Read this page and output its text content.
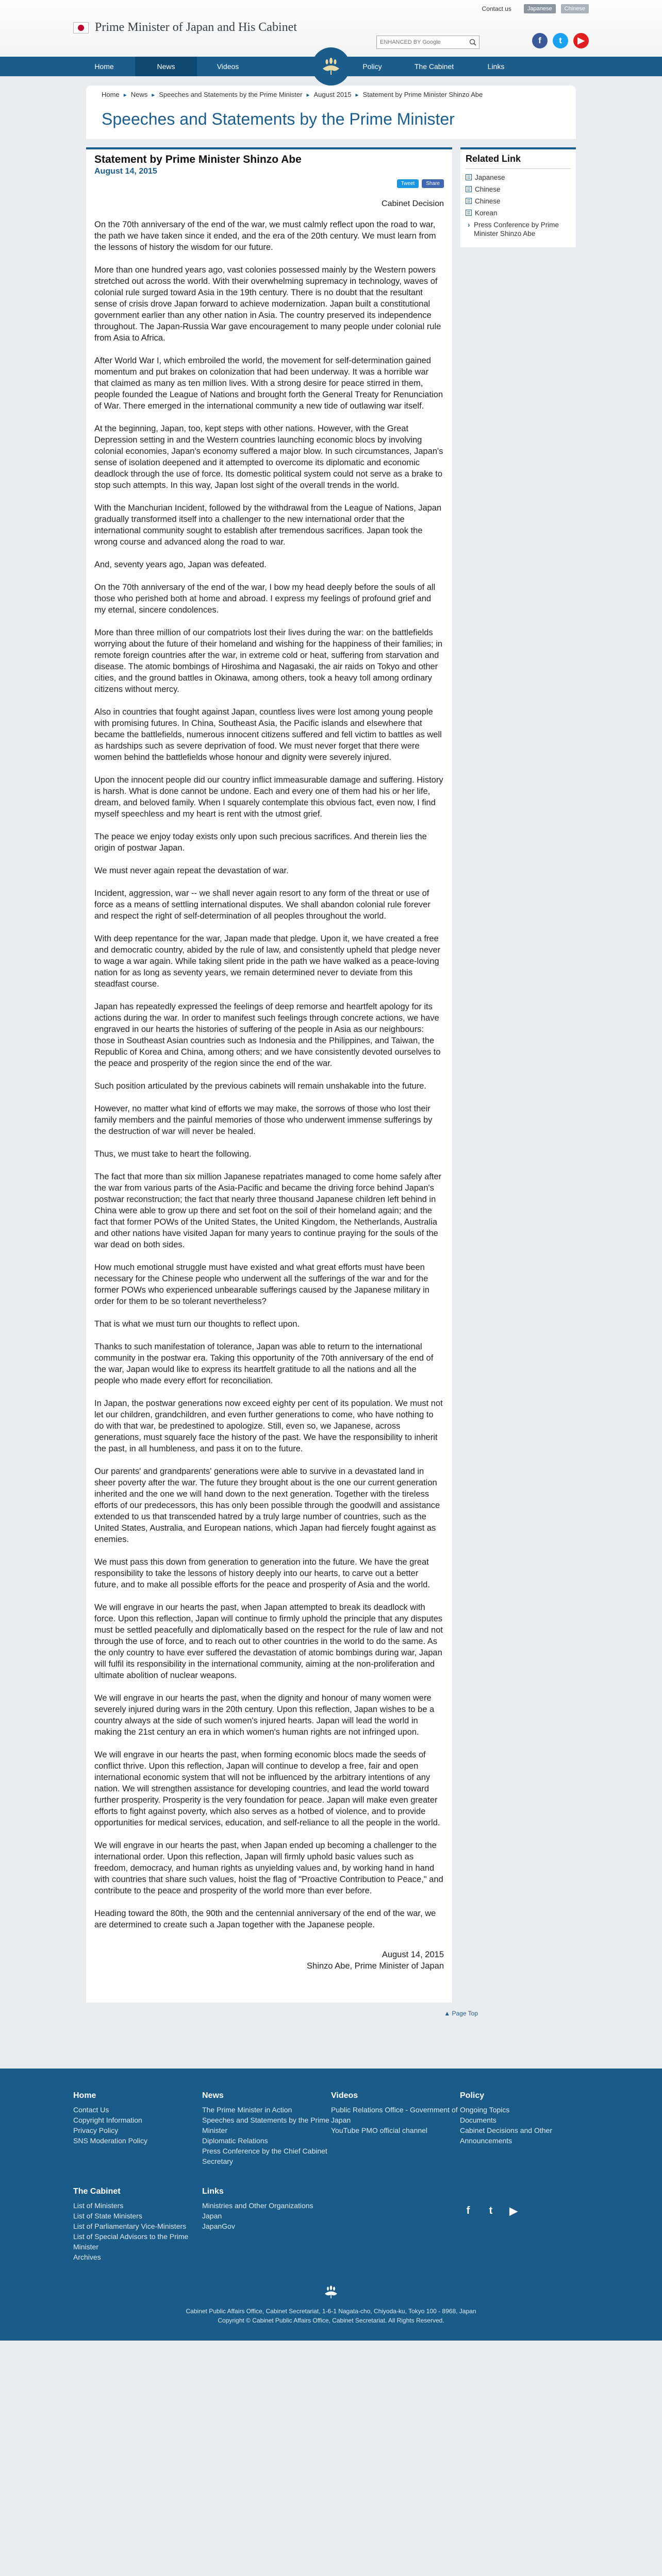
Contact us	Japanese	Chinese
Prime Minister of Japan and His Cabinet
ENHANCED BY Google
f	t	▶
Home	News	Videos	Policy	The Cabinet	Links
Home ▸ News ▸ Speeches and Statements by the Prime Minister ▸ August 2015 ▸ Statement by Prime Minister Shinzo Abe
Speeches and Statements by the Prime Minister
Statement by Prime Minister Shinzo Abe
August 14, 2015
Tweet	Share
Cabinet Decision

On the 70th anniversary of the end of the war, we must calmly reflect upon the road to war, the path we have taken since it ended, and the era of the 20th century. We must learn from the lessons of history the wisdom for our future.

More than one hundred years ago, vast colonies possessed mainly by the Western powers stretched out across the world. With their overwhelming supremacy in technology, waves of colonial rule surged toward Asia in the 19th century. There is no doubt that the resultant sense of crisis drove Japan forward to achieve modernization. Japan built a constitutional government earlier than any other nation in Asia. The country preserved its independence throughout. The Japan-Russia War gave encouragement to many people under colonial rule from Asia to Africa.

After World War I, which embroiled the world, the movement for self-determination gained momentum and put brakes on colonization that had been underway. It was a horrible war that claimed as many as ten million lives. With a strong desire for peace stirred in them, people founded the League of Nations and brought forth the General Treaty for Renunciation of War. There emerged in the international community a new tide of outlawing war itself.

At the beginning, Japan, too, kept steps with other nations. However, with the Great Depression setting in and the Western countries launching economic blocs by involving colonial economies, Japan's economy suffered a major blow. In such circumstances, Japan's sense of isolation deepened and it attempted to overcome its diplomatic and economic deadlock through the use of force. Its domestic political system could not serve as a brake to stop such attempts. In this way, Japan lost sight of the overall trends in the world.

With the Manchurian Incident, followed by the withdrawal from the League of Nations, Japan gradually transformed itself into a challenger to the new international order that the international community sought to establish after tremendous sacrifices. Japan took the wrong course and advanced along the road to war.

And, seventy years ago, Japan was defeated.

On the 70th anniversary of the end of the war, I bow my head deeply before the souls of all those who perished both at home and abroad. I express my feelings of profound grief and my eternal, sincere condolences.

More than three million of our compatriots lost their lives during the war: on the battlefields worrying about the future of their homeland and wishing for the happiness of their families; in remote foreign countries after the war, in extreme cold or heat, suffering from starvation and disease. The atomic bombings of Hiroshima and Nagasaki, the air raids on Tokyo and other cities, and the ground battles in Okinawa, among others, took a heavy toll among ordinary citizens without mercy.

Also in countries that fought against Japan, countless lives were lost among young people with promising futures. In China, Southeast Asia, the Pacific islands and elsewhere that became the battlefields, numerous innocent citizens suffered and fell victim to battles as well as hardships such as severe deprivation of food. We must never forget that there were women behind the battlefields whose honour and dignity were severely injured.

Upon the innocent people did our country inflict immeasurable damage and suffering. History is harsh. What is done cannot be undone. Each and every one of them had his or her life, dream, and beloved family. When I squarely contemplate this obvious fact, even now, I find myself speechless and my heart is rent with the utmost grief.

The peace we enjoy today exists only upon such precious sacrifices. And therein lies the origin of postwar Japan.

We must never again repeat the devastation of war.

Incident, aggression, war -- we shall never again resort to any form of the threat or use of force as a means of settling international disputes. We shall abandon colonial rule forever and respect the right of self-determination of all peoples throughout the world.

With deep repentance for the war, Japan made that pledge. Upon it, we have created a free and democratic country, abided by the rule of law, and consistently upheld that pledge never to wage a war again. While taking silent pride in the path we have walked as a peace-loving nation for as long as seventy years, we remain determined never to deviate from this steadfast course.

Japan has repeatedly expressed the feelings of deep remorse and heartfelt apology for its actions during the war. In order to manifest such feelings through concrete actions, we have engraved in our hearts the histories of suffering of the people in Asia as our neighbours: those in Southeast Asian countries such as Indonesia and the Philippines, and Taiwan, the Republic of Korea and China, among others; and we have consistently devoted ourselves to the peace and prosperity of the region since the end of the war.

Such position articulated by the previous cabinets will remain unshakable into the future.

However, no matter what kind of efforts we may make, the sorrows of those who lost their family members and the painful memories of those who underwent immense sufferings by the destruction of war will never be healed.

Thus, we must take to heart the following.

The fact that more than six million Japanese repatriates managed to come home safely after the war from various parts of the Asia-Pacific and became the driving force behind Japan's postwar reconstruction; the fact that nearly three thousand Japanese children left behind in China were able to grow up there and set foot on the soil of their homeland again; and the fact that former POWs of the United States, the United Kingdom, the Netherlands, Australia and other nations have visited Japan for many years to continue praying for the souls of the war dead on both sides.

How much emotional struggle must have existed and what great efforts must have been necessary for the Chinese people who underwent all the sufferings of the war and for the former POWs who experienced unbearable sufferings caused by the Japanese military in order for them to be so tolerant nevertheless?

That is what we must turn our thoughts to reflect upon.

Thanks to such manifestation of tolerance, Japan was able to return to the international community in the postwar era. Taking this opportunity of the 70th anniversary of the end of the war, Japan would like to express its heartfelt gratitude to all the nations and all the people who made every effort for reconciliation.

In Japan, the postwar generations now exceed eighty per cent of its population. We must not let our children, grandchildren, and even further generations to come, who have nothing to do with that war, be predestined to apologize. Still, even so, we Japanese, across generations, must squarely face the history of the past. We have the responsibility to inherit the past, in all humbleness, and pass it on to the future.

Our parents' and grandparents' generations were able to survive in a devastated land in sheer poverty after the war. The future they brought about is the one our current generation inherited and the one we will hand down to the next generation. Together with the tireless efforts of our predecessors, this has only been possible through the goodwill and assistance extended to us that transcended hatred by a truly large number of countries, such as the United States, Australia, and European nations, which Japan had fiercely fought against as enemies.

We must pass this down from generation to generation into the future. We have the great responsibility to take the lessons of history deeply into our hearts, to carve out a better future, and to make all possible efforts for the peace and prosperity of Asia and the world.

We will engrave in our hearts the past, when Japan attempted to break its deadlock with force. Upon this reflection, Japan will continue to firmly uphold the principle that any disputes must be settled peacefully and diplomatically based on the respect for the rule of law and not through the use of force, and to reach out to other countries in the world to do the same. As the only country to have ever suffered the devastation of atomic bombings during war, Japan will fulfil its responsibility in the international community, aiming at the non-proliferation and ultimate abolition of nuclear weapons.

We will engrave in our hearts the past, when the dignity and honour of many women were severely injured during wars in the 20th century. Upon this reflection, Japan wishes to be a country always at the side of such women's injured hearts. Japan will lead the world in making the 21st century an era in which women's human rights are not infringed upon.

We will engrave in our hearts the past, when forming economic blocs made the seeds of conflict thrive. Upon this reflection, Japan will continue to develop a free, fair and open international economic system that will not be influenced by the arbitrary intentions of any nation. We will strengthen assistance for developing countries, and lead the world toward further prosperity. Prosperity is the very foundation for peace. Japan will make even greater efforts to fight against poverty, which also serves as a hotbed of violence, and to provide opportunities for medical services, education, and self-reliance to all the people in the world.

We will engrave in our hearts the past, when Japan ended up becoming a challenger to the international order. Upon this reflection, Japan will firmly uphold basic values such as freedom, democracy, and human rights as unyielding values and, by working hand in hand with countries that share such values, hoist the flag of "Proactive Contribution to Peace," and contribute to the peace and prosperity of the world more than ever before.

Heading toward the 80th, the 90th and the centennial anniversary of the end of the war, we are determined to create such a Japan together with the Japanese people.

August 14, 2015
Shinzo Abe, Prime Minister of Japan
Related Link
☰ Japanese
☰ Chinese
☰ Chinese
☰ Korean
› Press Conference by Prime Minister Shinzo Abe
▲ Page Top
Home
Contact Us
Copyright Information
Privacy Policy
SNS Moderation Policy
News
The Prime Minister in Action
Speeches and Statements by the Prime Minister
Diplomatic Relations
Press Conference by the Chief Cabinet Secretary
Videos
Public Relations Office - Government of Japan
YouTube PMO official channel
Policy
Ongoing Topics
Documents
Cabinet Decisions and Other Announcements
The Cabinet
List of Ministers
List of State Ministers
List of Parliamentary Vice-Ministers
List of Special Advisors to the Prime Minister
Archives
Links
Ministries and Other Organizations Japan
JapanGov
f	t	▶
Cabinet Public Affairs Office, Cabinet Secretariat, 1-6-1 Nagata-cho, Chiyoda-ku, Tokyo 100 - 8968, Japan
Copyright © Cabinet Public Affairs Office, Cabinet Secretariat. All Rights Reserved.
